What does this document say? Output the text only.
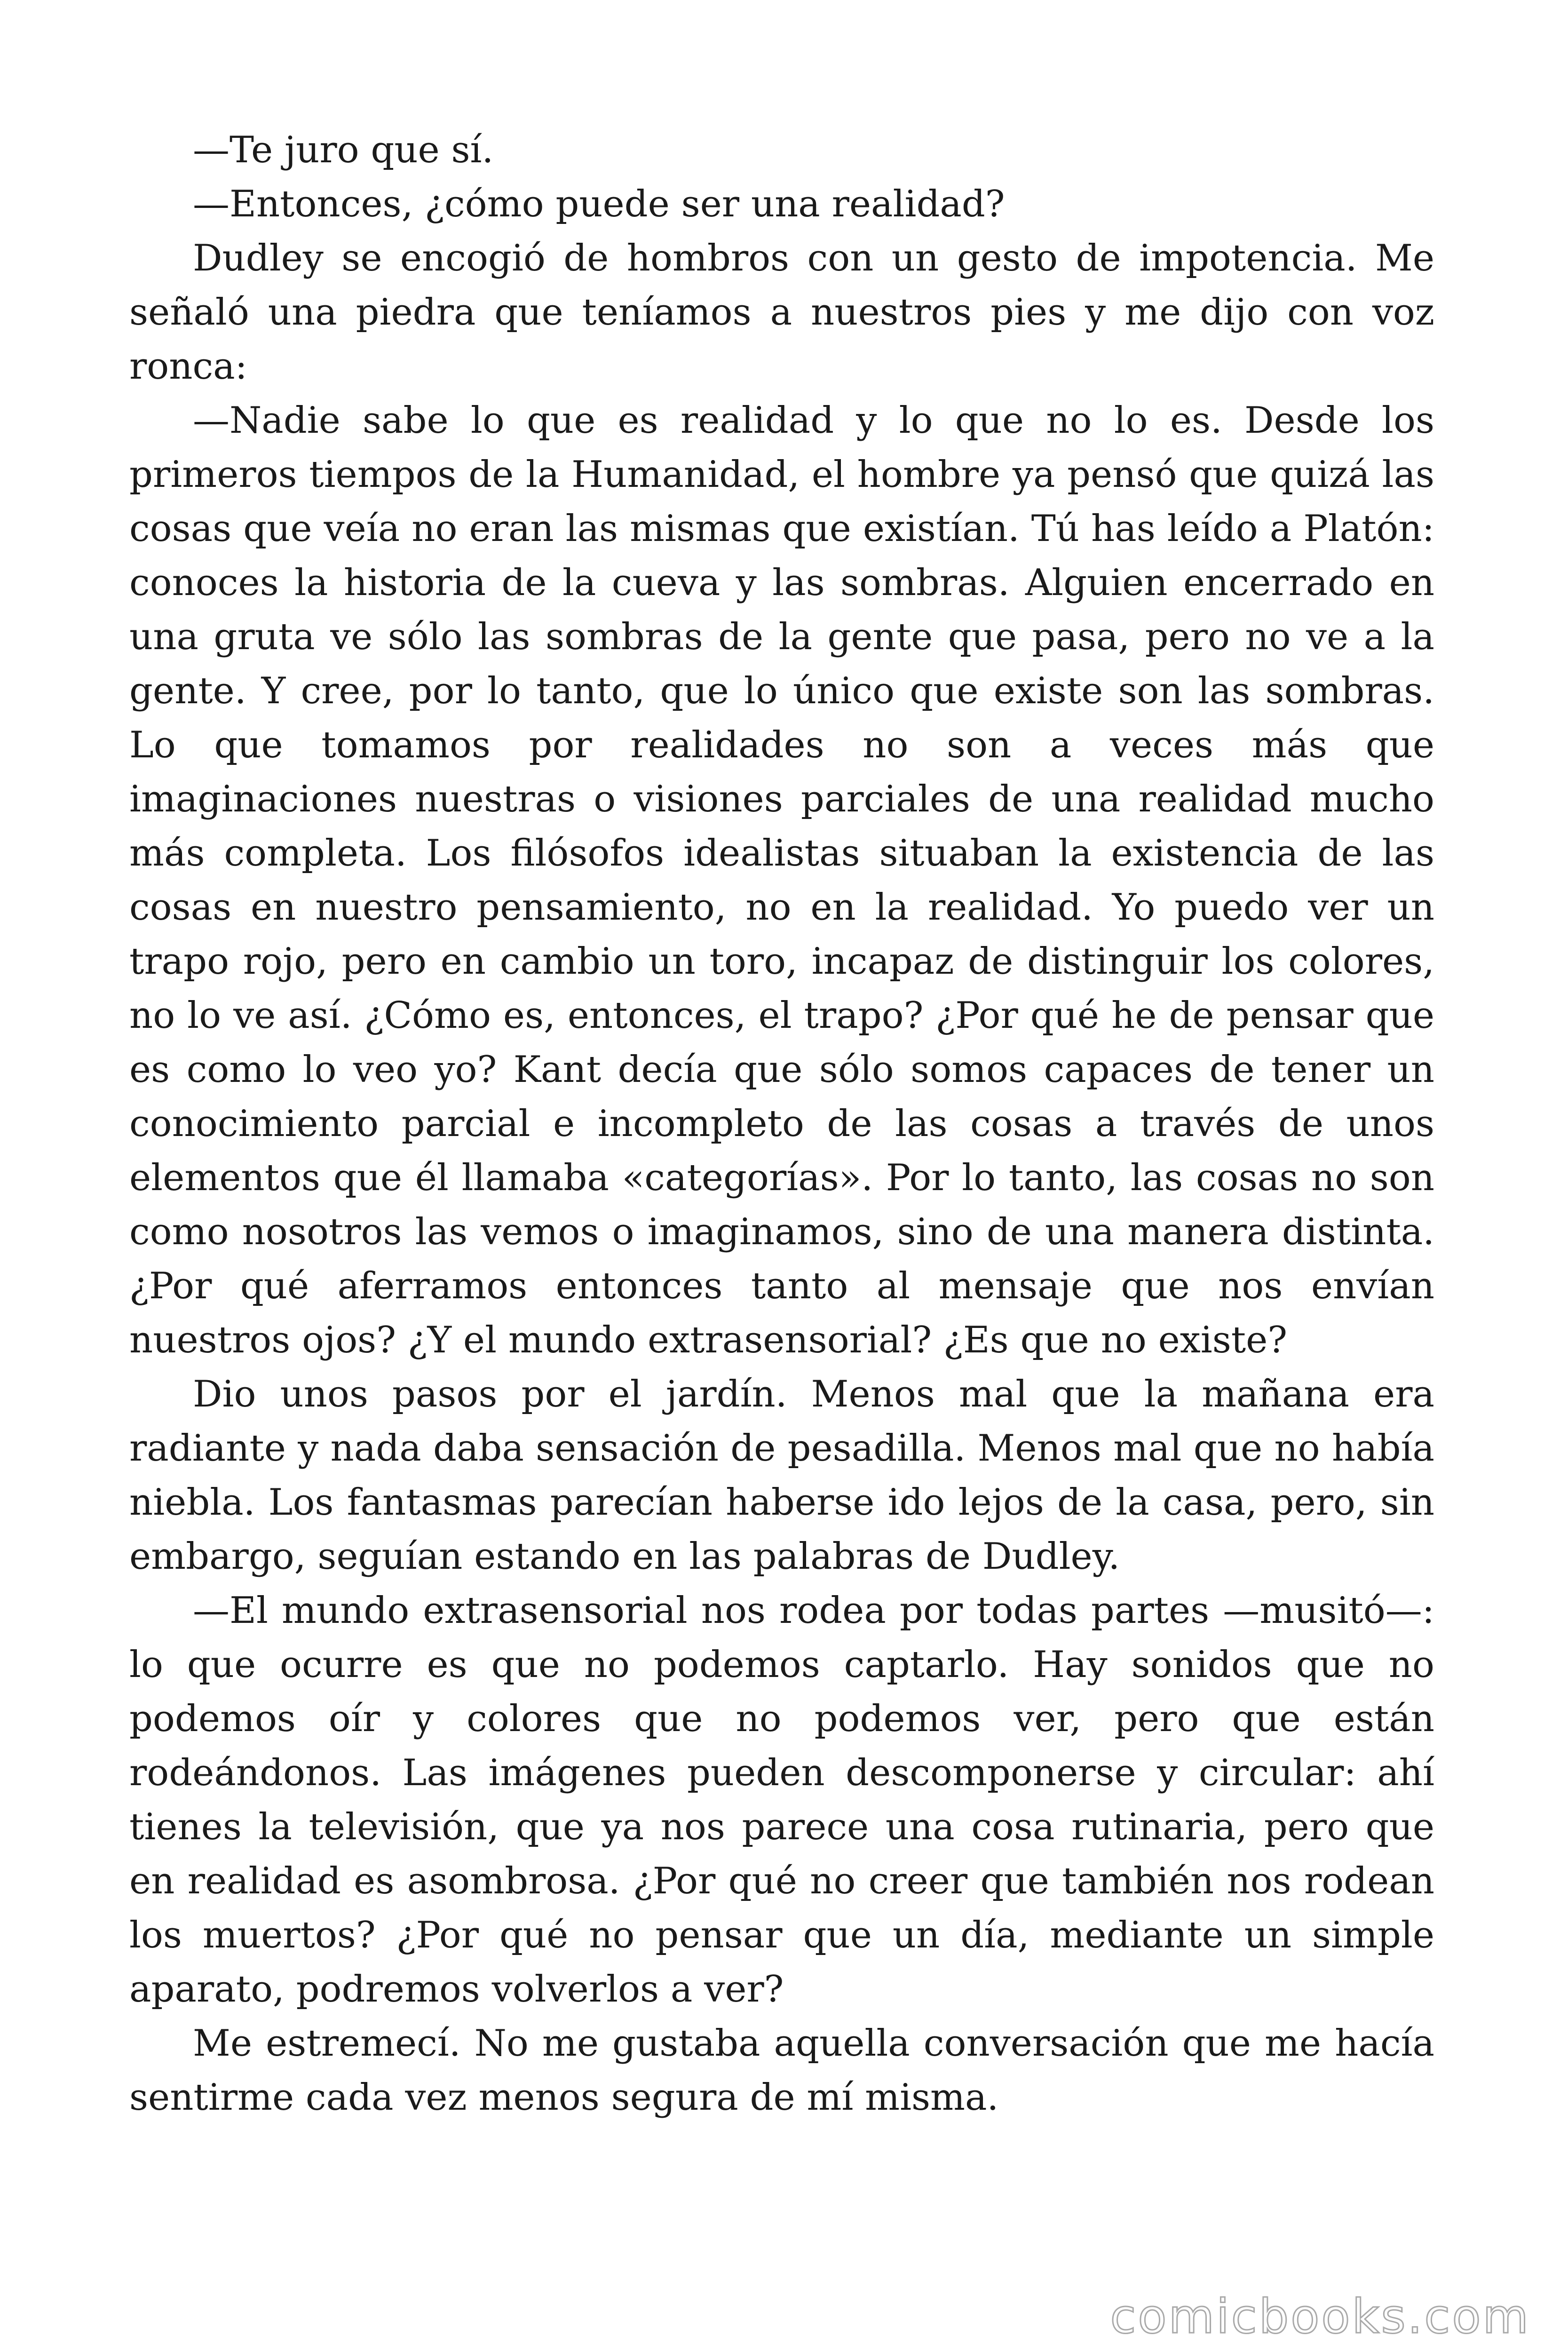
—Te juro que sí.

—Entonces, ¿cómo puede ser una realidad?

Dudley se encogió de hombros con un gesto de impotencia. Me señaló una piedra que teníamos a nuestros pies y me dijo con voz ronca:

—Nadie sabe lo que es realidad y lo que no lo es. Desde los primeros tiempos de la Humanidad, el hombre ya pensó que quizá las cosas que veía no eran las mismas que existían. Tú has leído a Platón: conoces la historia de la cueva y las sombras. Alguien encerrado en una gruta ve sólo las sombras de la gente que pasa, pero no ve a la gente. Y cree, por lo tanto, que lo único que existe son las sombras. Lo que tomamos por realidades no son a veces más que imaginaciones nuestras o visiones parciales de una realidad mucho más completa. Los filósofos idealistas situaban la existencia de las cosas en nuestro pensamiento, no en la realidad. Yo puedo ver un trapo rojo, pero en cambio un toro, incapaz de distinguir los colores, no lo ve así. ¿Cómo es, entonces, el trapo? ¿Por qué he de pensar que es como lo veo yo? Kant decía que sólo somos capaces de tener un conocimiento parcial e incompleto de las cosas a través de unos elementos que él llamaba «categorías». Por lo tanto, las cosas no son como nosotros las vemos o imaginamos, sino de una manera distinta. ¿Por qué aferramos entonces tanto al mensaje que nos envían nuestros ojos? ¿Y el mundo extrasensorial? ¿Es que no existe?

Dio unos pasos por el jardín. Menos mal que la mañana era radiante y nada daba sensación de pesadilla. Menos mal que no había niebla. Los fantasmas parecían haberse ido lejos de la casa, pero, sin embargo, seguían estando en las palabras de Dudley.

—El mundo extrasensorial nos rodea por todas partes —musitó—: lo que ocurre es que no podemos captarlo. Hay sonidos que no podemos oír y colores que no podemos ver, pero que están rodeándonos. Las imágenes pueden descomponerse y circular: ahí tienes la televisión, que ya nos parece una cosa rutinaria, pero que en realidad es asombrosa. ¿Por qué no creer que también nos rodean los muertos? ¿Por qué no pensar que un día, mediante un simple aparato, podremos volverlos a ver?

Me estremecí. No me gustaba aquella conversación que me hacía sentirme cada vez menos segura de mí misma.

comicbooks.com
